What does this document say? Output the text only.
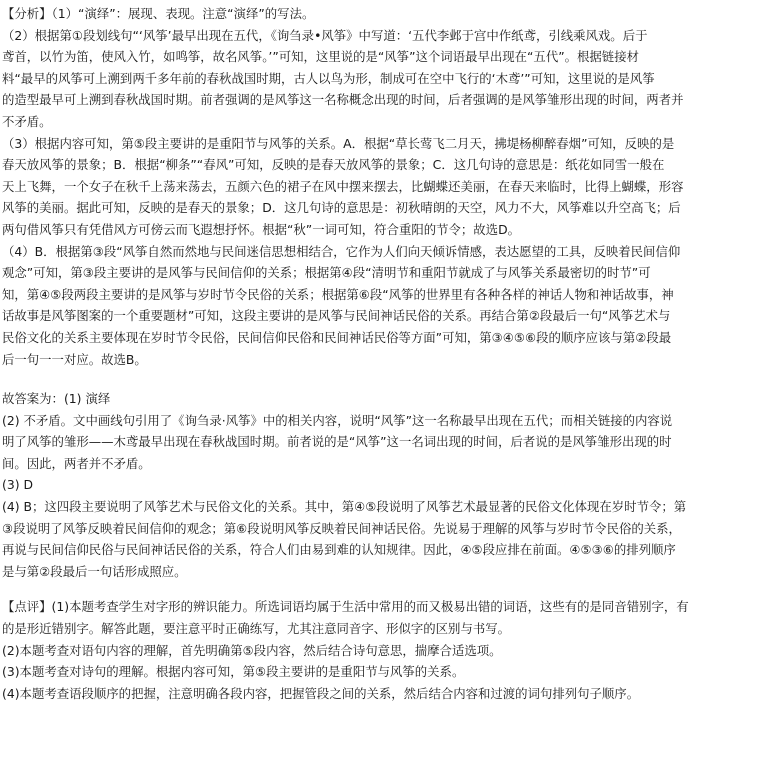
【分析】（1）“演绎”：展现、表现。注意“演绎”的写法。
（2）根据第①段划线句“‘风筝’最早出现在五代，《询刍录•风筝》中写道：‘五代李邺于宫中作纸鸢，引线乘风戏。后于
鸢首，以竹为笛，使风入竹，如鸣筝，故名风筝。’”可知，这里说的是“风筝”这个词语最早出现在“五代”。根据链接材
料“最早的风筝可上溯到两千多年前的春秋战国时期，古人以鸟为形，制成可在空中飞行的‘木鸢’”可知，这里说的是风筝
的造型最早可上溯到春秋战国时期。前者强调的是风筝这一名称概念出现的时间，后者强调的是风筝雏形出现的时间，两者并
不矛盾。
（3）根据内容可知，第⑤段主要讲的是重阳节与风筝的关系。A．根据“草长莺飞二月天，拂堤杨柳醉春烟”可知，反映的是
春天放风筝的景象；B．根据“柳条”“春风”可知，反映的是春天放风筝的景象；C．这几句诗的意思是：纸花如同雪一般在
天上飞舞，一个女子在秋千上荡来荡去，五颜六色的裙子在风中摆来摆去，比蝴蝶还美丽，在春天来临时，比得上蝴蝶，形容
风筝的美丽。据此可知，反映的是春天的景象；D．这几句诗的意思是：初秋晴朗的天空，风力不大，风筝难以升空高飞；后
两句借风筝只有凭借风方可傍云而飞遐想抒怀。根据“秋”一词可知，符合重阳的节令；故选D。
（4）B．根据第③段“风筝自然而然地与民间迷信思想相结合，它作为人们向天倾诉情感，表达愿望的工具，反映着民间信仰
观念”可知，第③段主要讲的是风筝与民间信仰的关系；根据第④段“清明节和重阳节就成了与风筝关系最密切的时节”可
知，第④⑤段两段主要讲的是风筝与岁时节令民俗的关系；根据第⑥段“风筝的世界里有各种各样的神话人物和神话故事，神
话故事是风筝图案的一个重要题材”可知，这段主要讲的是风筝与民间神话民俗的关系。再结合第②段最后一句“风筝艺术与
民俗文化的关系主要体现在岁时节令民俗，民间信仰民俗和民间神话民俗等方面”可知，第③④⑤⑥段的顺序应该与第②段最
后一句一一对应。故选B。
故答案为：(1) 演绎
(2) 不矛盾。文中画线句引用了《询刍录·风筝》中的相关内容，说明“风筝”这一名称最早出现在五代；而相关链接的内容说
明了风筝的雏形——木鸢最早出现在春秋战国时期。前者说的是“风筝”这一名词出现的时间，后者说的是风筝雏形出现的时
间。因此，两者并不矛盾。
(3) D
(4) B；这四段主要说明了风筝艺术与民俗文化的关系。其中，第④⑤段说明了风筝艺术最显著的民俗文化体现在岁时节令；第
③段说明了风筝反映着民间信仰的观念；第⑥段说明风筝反映着民间神话民俗。先说易于理解的风筝与岁时节令民俗的关系，
再说与民间信仰民俗与民间神话民俗的关系，符合人们由易到难的认知规律。因此，④⑤段应排在前面。④⑤③⑥的排列顺序
是与第②段最后一句话形成照应。
【点评】(1)本题考查学生对字形的辨识能力。所选词语均属于生活中常用的而又极易出错的词语，这些有的是同音错别字，有
的是形近错别字。解答此题，要注意平时正确练写，尤其注意同音字、形似字的区别与书写。
(2)本题考查对语句内容的理解，首先明确第⑤段内容，然后结合诗句意思，揣摩合适选项。
(3)本题考查对诗句的理解。根据内容可知，第⑤段主要讲的是重阳节与风筝的关系。
(4)本题考查语段顺序的把握，注意明确各段内容，把握管段之间的关系，然后结合内容和过渡的词句排列句子顺序。
